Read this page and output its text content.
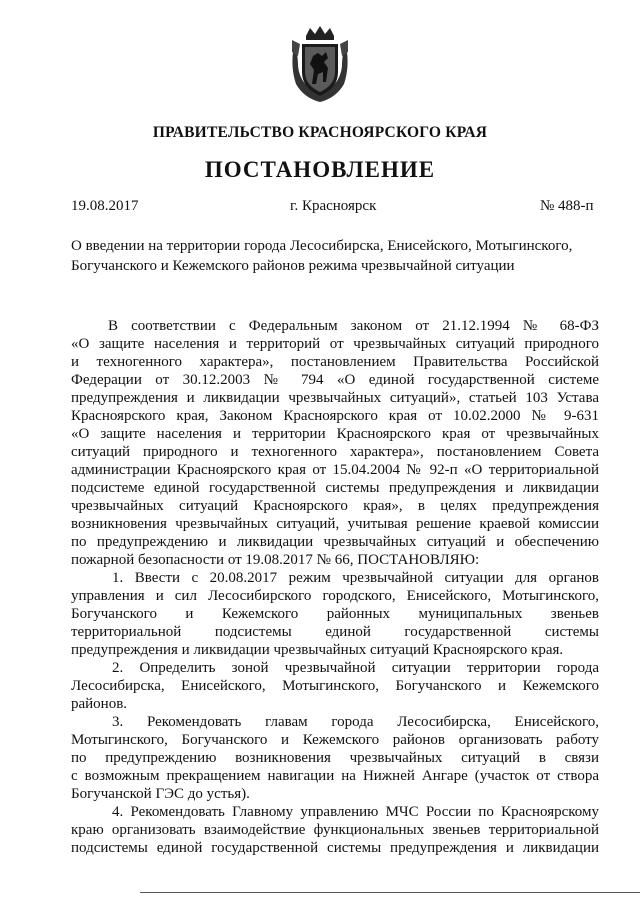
ПРАВИТЕЛЬСТВО КРАСНОЯРСКОГО КРАЯ
ПОСТАНОВЛЕНИЕ
19.08.2017	г. Красноярск	№ 488-п
О введении на территории города Лесосибирска, Енисейского, Мотыгинского,
Богучанского и Кежемского районов режима чрезвычайной ситуации
В соответствии с Федеральным законом от 21.12.1994 № 68-ФЗ
«О защите населения и территорий от чрезвычайных ситуаций природного
и техногенного характера», постановлением Правительства Российской
Федерации от 30.12.2003 № 794 «О единой государственной системе
предупреждения и ликвидации чрезвычайных ситуаций», статьей 103 Устава
Красноярского края, Законом Красноярского края от 10.02.2000 № 9-631
«О защите населения и территории Красноярского края от чрезвычайных
ситуаций природного и техногенного характера», постановлением Совета
администрации Красноярского края от 15.04.2004 № 92-п «О территориальной
подсистеме единой государственной системы предупреждения и ликвидации
чрезвычайных ситуаций Красноярского края», в целях предупреждения
возникновения чрезвычайных ситуаций, учитывая решение краевой комиссии
по предупреждению и ликвидации чрезвычайных ситуаций и обеспечению
пожарной безопасности от 19.08.2017 № 66, ПОСТАНОВЛЯЮ:
1. Ввести с 20.08.2017 режим чрезвычайной ситуации для органов
управления и сил Лесосибирского городского, Енисейского, Мотыгинского,
Богучанского и Кежемского районных муниципальных звеньев
территориальной подсистемы единой государственной системы
предупреждения и ликвидации чрезвычайных ситуаций Красноярского края.
2. Определить зоной чрезвычайной ситуации территории города
Лесосибирска, Енисейского, Мотыгинского, Богучанского и Кежемского
районов.
3. Рекомендовать главам города Лесосибирска, Енисейского,
Мотыгинского, Богучанского и Кежемского районов организовать работу
по предупреждению возникновения чрезвычайных ситуаций в связи
с возможным прекращением навигации на Нижней Ангаре (участок от створа
Богучанской ГЭС до устья).
4. Рекомендовать Главному управлению МЧС России по Красноярскому
краю организовать взаимодействие функциональных звеньев территориальной
подсистемы единой государственной системы предупреждения и ликвидации
